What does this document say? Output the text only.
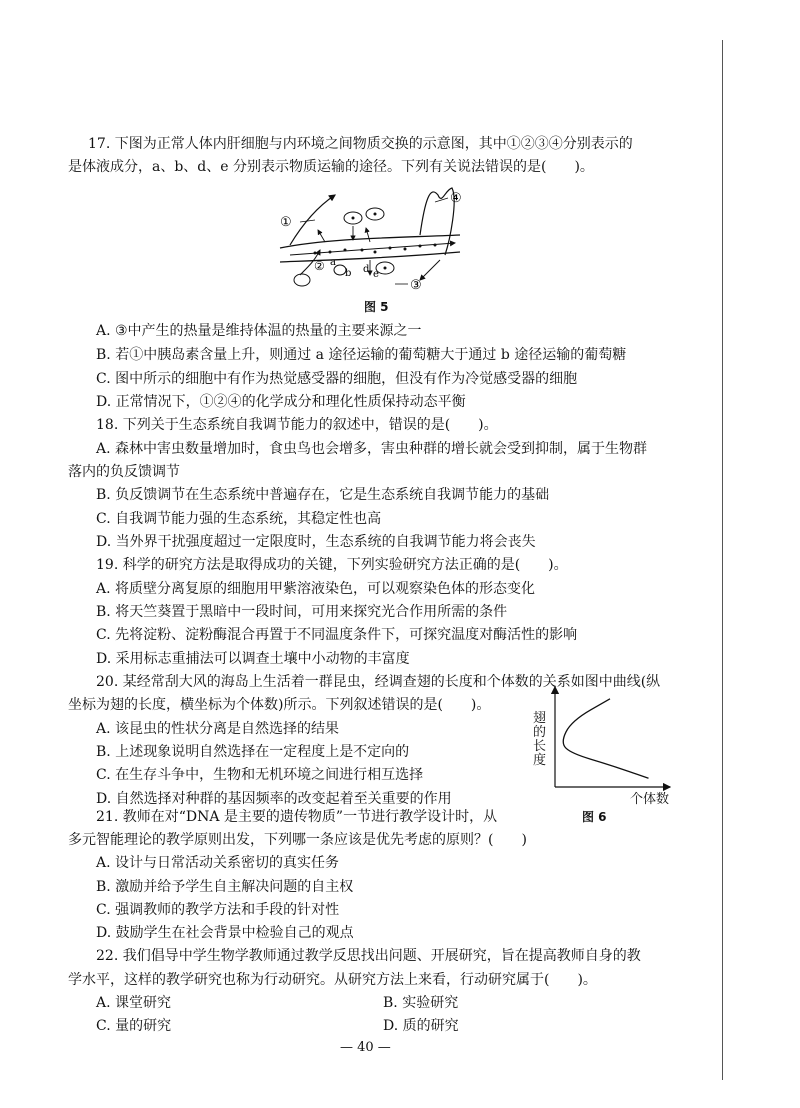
17. 下图为正常人体内肝细胞与内环境之间物质交换的示意图，其中①②③④分别表示的
是体液成分，a、b、d、e 分别表示物质运输的途径。下列有关说法错误的是(　　)。
①
②
③
④
a
b d e
图 5
A. ③中产生的热量是维持体温的热量的主要来源之一
B. 若①中胰岛素含量上升，则通过 a 途径运输的葡萄糖大于通过 b 途径运输的葡萄糖
C. 图中所示的细胞中有作为热觉感受器的细胞，但没有作为冷觉感受器的细胞
D. 正常情况下，①②④的化学成分和理化性质保持动态平衡
18. 下列关于生态系统自我调节能力的叙述中，错误的是(　　)。
A. 森林中害虫数量增加时，食虫鸟也会增多，害虫种群的增长就会受到抑制，属于生物群
落内的负反馈调节
B. 负反馈调节在生态系统中普遍存在，它是生态系统自我调节能力的基础
C. 自我调节能力强的生态系统，其稳定性也高
D. 当外界干扰强度超过一定限度时，生态系统的自我调节能力将会丧失
19. 科学的研究方法是取得成功的关键，下列实验研究方法正确的是(　　)。
A. 将质壁分离复原的细胞用甲紫溶液染色，可以观察染色体的形态变化
B. 将天竺葵置于黑暗中一段时间，可用来探究光合作用所需的条件
C. 先将淀粉、淀粉酶混合再置于不同温度条件下，可探究温度对酶活性的影响
D. 采用标志重捕法可以调查土壤中小动物的丰富度
20. 某经常刮大风的海岛上生活着一群昆虫，经调查翅的长度和个体数的关系如图中曲线(纵
坐标为翅的长度，横坐标为个体数)所示。下列叙述错误的是(　　)。
A. 该昆虫的性状分离是自然选择的结果
B. 上述现象说明自然选择在一定程度上是不定向的
C. 在生存斗争中，生物和无机环境之间进行相互选择
D. 自然选择对种群的基因频率的改变起着至关重要的作用
翅的长度
个体数
图 6
21. 教师在对“DNA 是主要的遗传物质”一节进行教学设计时，从
多元智能理论的教学原则出发，下列哪一条应该是优先考虑的原则？(　　)
A. 设计与日常活动关系密切的真实任务
B. 激励并给予学生自主解决问题的自主权
C. 强调教师的教学方法和手段的针对性
D. 鼓励学生在社会背景中检验自己的观点
22. 我们倡导中学生物学教师通过教学反思找出问题、开展研究，旨在提高教师自身的教
学水平，这样的教学研究也称为行动研究。从研究方法上来看，行动研究属于(　　)。
A. 课堂研究	B. 实验研究
C. 量的研究	D. 质的研究
— 40 —
